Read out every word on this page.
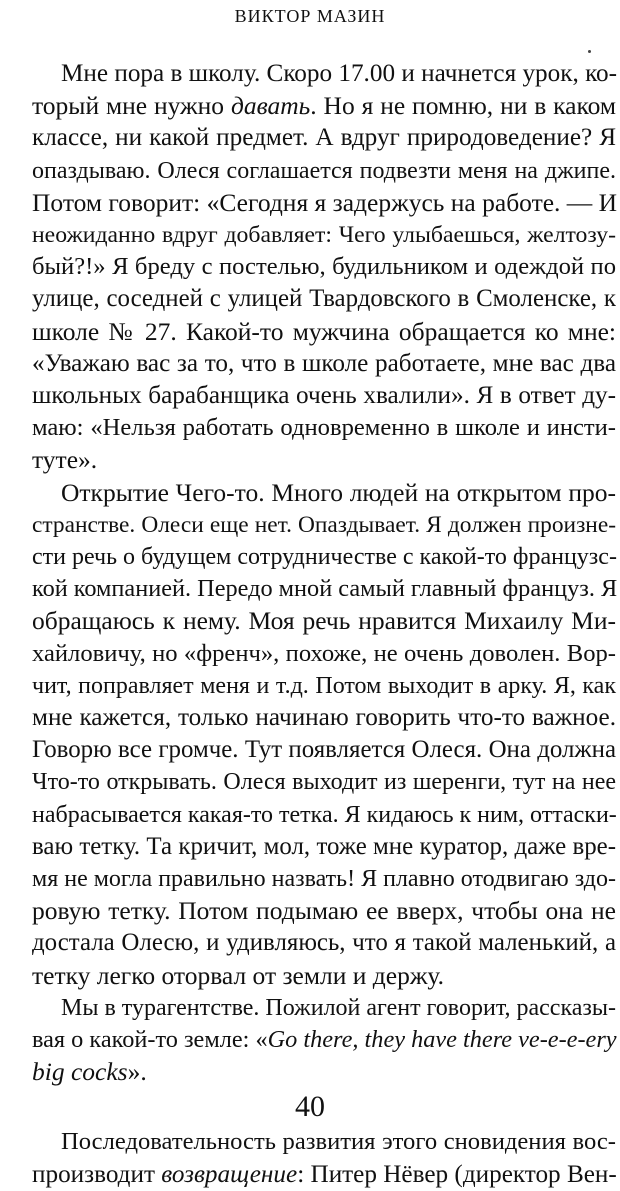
ВИКТОР МАЗИН
Мне пора в школу. Скоро 17.00 и начнется урок, ко-
торый мне нужно давать. Но я не помню, ни в каком
классе, ни какой предмет. А вдруг природоведение? Я
опаздываю. Олеся соглашается подвезти меня на джипе.
Потом говорит: «Сегодня я задержусь на работе. — И
неожиданно вдруг добавляет: Чего улыбаешься, желтозу-
бый?!» Я бреду с постелью, будильником и одеждой по
улице, соседней с улицей Твардовского в Смоленске, к
школе № 27. Какой-то мужчина обращается ко мне:
«Уважаю вас за то, что в школе работаете, мне вас два
школьных барабанщика очень хвалили». Я в ответ ду-
маю: «Нельзя работать одновременно в школе и инсти-
туте».
Открытие Чего-то. Много людей на открытом про-
странстве. Олеси еще нет. Опаздывает. Я должен произне-
сти речь о будущем сотрудничестве с какой-то французс-
кой компанией. Передо мной самый главный француз. Я
обращаюсь к нему. Моя речь нравится Михаилу Ми-
хайловичу, но «френч», похоже, не очень доволен. Вор-
чит, поправляет меня и т.д. Потом выходит в арку. Я, как
мне кажется, только начинаю говорить что-то важное.
Говорю все громче. Тут появляется Олеся. Она должна
Что-то открывать. Олеся выходит из шеренги, тут на нее
набрасывается какая-то тетка. Я кидаюсь к ним, оттаски-
ваю тетку. Та кричит, мол, тоже мне куратор, даже вре-
мя не могла правильно назвать! Я плавно отодвигаю здо-
ровую тетку. Потом подымаю ее вверх, чтобы она не
достала Олесю, и удивляюсь, что я такой маленький, а
тетку легко оторвал от земли и держу.
Мы в турагентстве. Пожилой агент говорит, рассказы-
вая о какой-то земле: «Go there, they have there ve-e-e-ery
big cocks».
Последовательность развития этого сновидения вос-
производит возвращение: Питер Нёвер (директор Вен-
40
